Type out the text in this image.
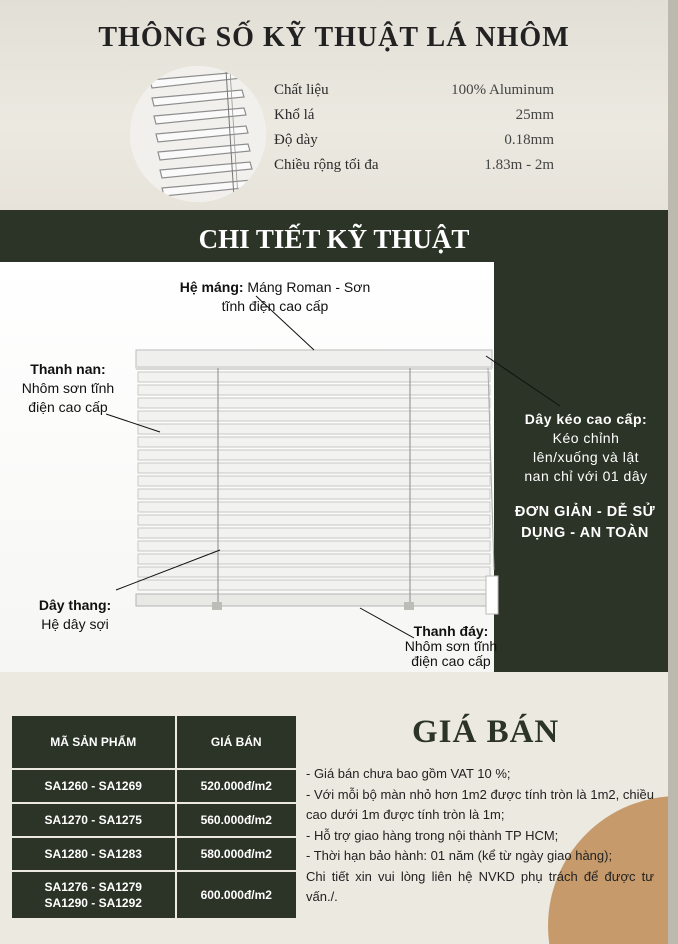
THÔNG SỐ KỸ THUẬT LÁ NHÔM
Chất liệu	100% Aluminum
Khổ lá	25mm
Độ dày	0.18mm
Chiều rộng tối đa	1.83m - 2m
CHI TIẾT KỸ THUẬT
Hệ máng: Máng Roman - Sơn
tĩnh điện cao cấp
Thanh nan:
Nhôm sơn tĩnh
điện cao cấp
Dây thang:
Hệ dây sợi	Thanh đáy:
Nhôm sơn tĩnh
điện cao cấp
Dây kéo cao cấp:
Kéo chỉnh
lên/xuống và lật
nan chỉ với 01 dây
ĐƠN GIẢN - DỄ SỬ
DỤNG - AN TOÀN
MÃ SẢN PHẨM	GIÁ BÁN
SA1260 - SA1269	520.000đ/m2
SA1270 - SA1275	560.000đ/m2
SA1280 - SA1283	580.000đ/m2
SA1276 - SA1279
SA1290 - SA1292	600.000đ/m2
GIÁ BÁN

- Giá bán chưa bao gồm VAT 10 %;

- Với mỗi bộ màn nhỏ hơn 1m2 được tính tròn là 1m2, chiều cao dưới 1m được tính tròn là 1m;

- Hỗ trợ giao hàng trong nội thành TP HCM;

- Thời hạn bảo hành: 01 năm (kể từ ngày giao hàng);

Chi tiết xin vui lòng liên hệ NVKD phụ trách để được tư vấn./.
